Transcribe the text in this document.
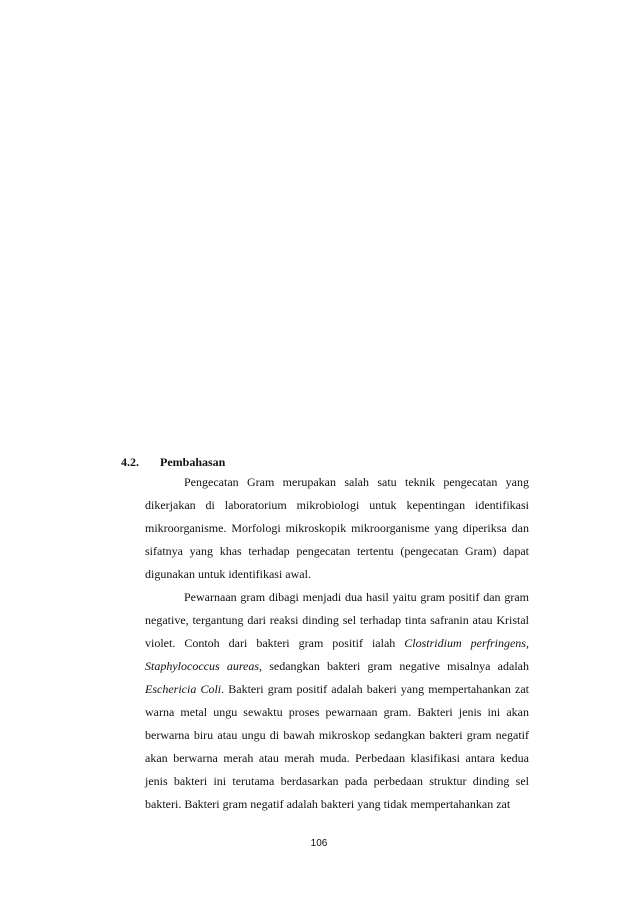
4.2. Pembahasan

Pengecatan Gram merupakan salah satu teknik pengecatan yang dikerjakan di laboratorium mikrobiologi untuk kepentingan identifikasi mikroorganisme. Morfologi mikroskopik mikroorganisme yang diperiksa dan sifatnya yang khas terhadap pengecatan tertentu (pengecatan Gram) dapat digunakan untuk identifikasi awal.

Pewarnaan gram dibagi menjadi dua hasil yaitu gram positif dan gram negative, tergantung dari reaksi dinding sel terhadap tinta safranin atau Kristal violet. Contoh dari bakteri gram positif ialah Clostridium perfringens, Staphylococcus aureas, sedangkan bakteri gram negative misalnya adalah Eschericia Coli. Bakteri gram positif adalah bakeri yang mempertahankan zat warna metal ungu sewaktu proses pewarnaan gram. Bakteri jenis ini akan berwarna biru atau ungu di bawah mikroskop sedangkan bakteri gram negatif akan berwarna merah atau merah muda. Perbedaan klasifikasi antara kedua jenis bakteri ini terutama berdasarkan pada perbedaan struktur dinding sel bakteri. Bakteri gram negatif adalah bakteri yang tidak mempertahankan zat

106
